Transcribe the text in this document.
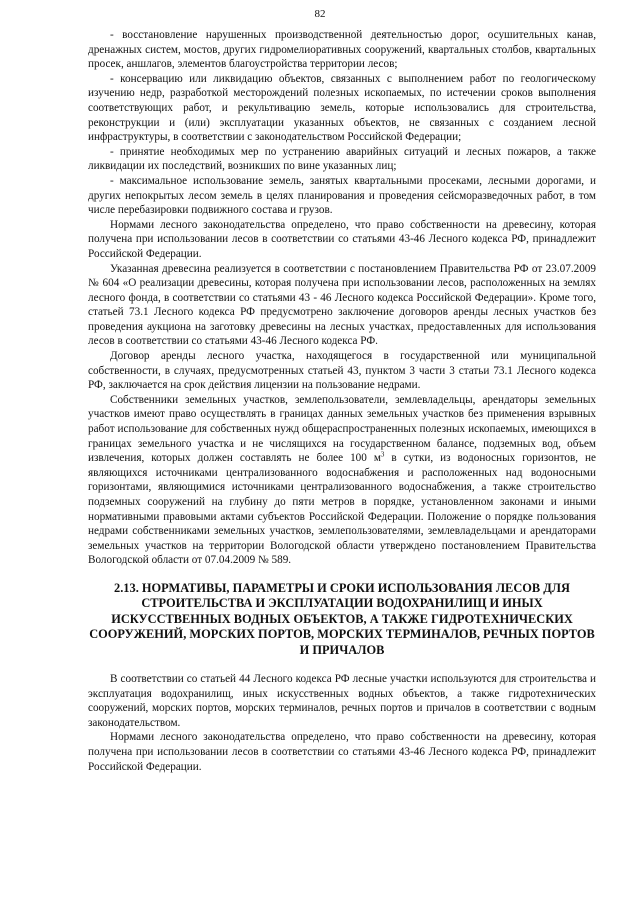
82

- восстановление нарушенных производственной деятельностью дорог, осушительных канав, дренажных систем, мостов, других гидромелиоративных сооружений, квартальных столбов, квартальных просек, аншлагов, элементов благоустройства территории лесов;

- консервацию или ликвидацию объектов, связанных с выполнением работ по геологическому изучению недр, разработкой месторождений полезных ископаемых, по истечении сроков выполнения соответствующих работ, и рекультивацию земель, которые использовались для строительства, реконструкции и (или) эксплуатации указанных объектов, не связанных с созданием лесной инфраструктуры, в соответствии с законодательством Российской Федерации;

- принятие необходимых мер по устранению аварийных ситуаций и лесных пожаров, а также ликвидации их последствий, возникших по вине указанных лиц;

- максимальное использование земель, занятых квартальными просеками, лесными дорогами, и других непокрытых лесом земель в целях планирования и проведения сейсморазведочных работ, в том числе перебазировки подвижного состава и грузов.

Нормами лесного законодательства определено, что право собственности на древесину, которая получена при использовании лесов в соответствии со статьями 43-46 Лесного кодекса РФ, принадлежит Российской Федерации.

Указанная древесина реализуется в соответствии с постановлением Правительства РФ от 23.07.2009 № 604 «О реализации древесины, которая получена при использовании лесов, расположенных на землях лесного фонда, в соответствии со статьями 43 - 46 Лесного кодекса Российской Федерации». Кроме того, статьей 73.1 Лесного кодекса РФ предусмотрено заключение договоров аренды лесных участков без проведения аукциона на заготовку древесины на лесных участках, предоставленных для использования лесов в соответствии со статьями 43-46 Лесного кодекса РФ.

Договор аренды лесного участка, находящегося в государственной или муниципальной собственности, в случаях, предусмотренных статьей 43, пунктом 3 части 3 статьи 73.1 Лесного кодекса РФ, заключается на срок действия лицензии на пользование недрами.

Собственники земельных участков, землепользователи, землевладельцы, арендаторы земельных участков имеют право осуществлять в границах данных земельных участков без применения взрывных работ использование для собственных нужд общераспространенных полезных ископаемых, имеющихся в границах земельного участка и не числящихся на государственном балансе, подземных вод, объем извлечения, которых должен составлять не более 100 $м^3$ в сутки, из водоносных горизонтов, не являющихся источниками централизованного водоснабжения и расположенных над водоносными горизонтами, являющимися источниками централизованного водоснабжения, а также строительство подземных сооружений на глубину до пяти метров в порядке, установленном законами и иными нормативными правовыми актами субъектов Российской Федерации. Положение о порядке пользования недрами собственниками земельных участков, землепользователями, землевладельцами и арендаторами земельных участков на территории Вологодской области утверждено постановлением Правительства Вологодской области от 07.04.2009 № 589.

2.13. НОРМАТИВЫ, ПАРАМЕТРЫ И СРОКИ ИСПОЛЬЗОВАНИЯ ЛЕСОВ ДЛЯ СТРОИТЕЛЬСТВА И ЭКСПЛУАТАЦИИ ВОДОХРАНИЛИЩ И ИНЫХ ИСКУССТВЕННЫХ ВОДНЫХ ОБЪЕКТОВ, А ТАКЖЕ ГИДРОТЕХНИЧЕСКИХ СООРУЖЕНИЙ, МОРСКИХ ПОРТОВ, МОРСКИХ ТЕРМИНАЛОВ, РЕЧНЫХ ПОРТОВ И ПРИЧАЛОВ

В соответствии со статьей 44 Лесного кодекса РФ лесные участки используются для строительства и эксплуатация водохранилищ, иных искусственных водных объектов, а также гидротехнических сооружений, морских портов, морских терминалов, речных портов и причалов в соответствии с водным законодательством.

Нормами лесного законодательства определено, что право собственности на древесину, которая получена при использовании лесов в соответствии со статьями 43-46 Лесного кодекса РФ, принадлежит Российской Федерации.
